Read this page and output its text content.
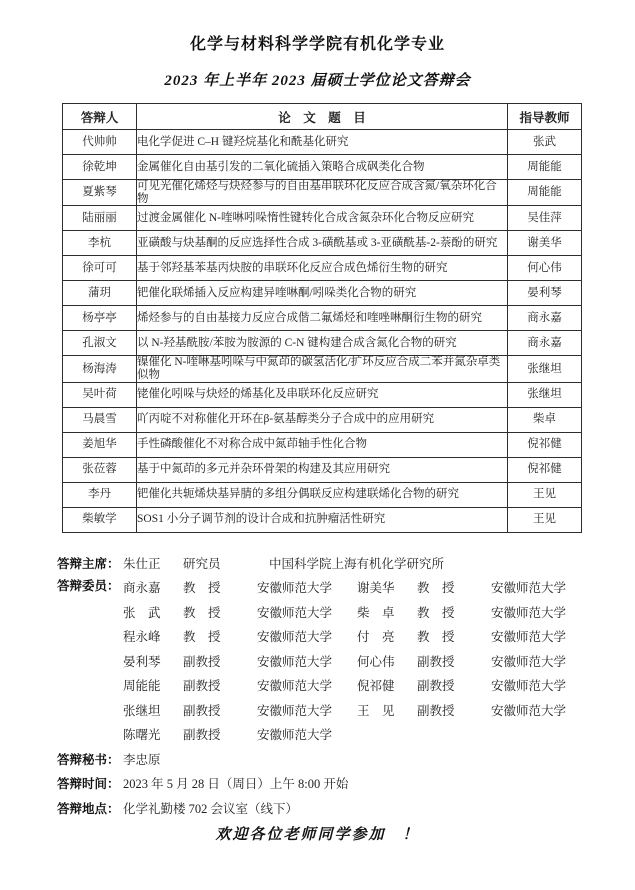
化学与材料科学学院有机化学专业
2023 年上半年 2023 届硕士学位论文答辩会
答辩人	论　文　题　目	指导教师
代帅帅	电化学促进 C–H 键羟烷基化和酰基化研究	张武
徐乾坤	金属催化自由基引发的二氧化硫插入策略合成砜类化合物	周能能
夏紫琴	可见光催化烯烃与炔烃参与的自由基串联环化反应合成含氮/氧杂环化合物	周能能
陆丽丽	过渡金属催化 N-喹啉吲哚惰性键转化合成含氮杂环化合物反应研究	吴佳萍
李杭	亚磺酸与炔基酮的反应选择性合成 3-磺酰基或 3-亚磺酰基-2-萘酚的研究	谢美华
徐可可	基于邻羟基苯基丙炔胺的串联环化反应合成色烯衍生物的研究	何心伟
蒲玥	钯催化联烯插入反应构建异喹啉酮/吲哚类化合物的研究	晏利琴
杨亭亭	烯烃参与的自由基接力反应合成偕二氟烯烃和喹唑啉酮衍生物的研究	商永嘉
孔淑文	以 N-羟基酰胺/苯胺为胺源的 C-N 键构建合成含氮化合物的研究	商永嘉
杨海涛	镍催化 N-喹啉基吲哚与中氮茚的碳氢活化/扩环反应合成二苯并氮杂卓类似物	张继坦
吴叶荷	铑催化吲哚与炔烃的烯基化及串联环化反应研究	张继坦
马晨雪	吖丙啶不对称催化开环在β-氨基醇类分子合成中的应用研究	柴卓
姜旭华	手性磷酸催化不对称合成中氮茚轴手性化合物	倪祁健
张莅蓉	基于中氮茚的多元并杂环骨架的构建及其应用研究	倪祁健
李丹	钯催化共轭烯炔基异腈的多组分偶联反应构建联烯化合物的研究	王见
柴敏学	SOS1 小分子调节剂的设计合成和抗肿瘤活性研究	王见
答辩主席： 朱仕正	研究员	中国科学院上海有机化学研究所
答辩委员： 商永嘉	教　授	安徽师范大学	谢美华	教　授	安徽师范大学
张　武	教　授	安徽师范大学	柴　卓	教　授	安徽师范大学
程永峰	教　授	安徽师范大学	付　亮	教　授	安徽师范大学
晏利琴	副教授	安徽师范大学	何心伟	副教授	安徽师范大学
周能能	副教授	安徽师范大学	倪祁健	副教授	安徽师范大学
张继坦	副教授	安徽师范大学	王　见	副教授	安徽师范大学
陈曙光	副教授	安徽师范大学
答辩秘书： 李忠原
答辩时间： 2023 年 5 月 28 日（周日）上午 8:00 开始
答辩地点： 化学礼勤楼 702 会议室（线下）
欢迎各位老师同学参加　！
